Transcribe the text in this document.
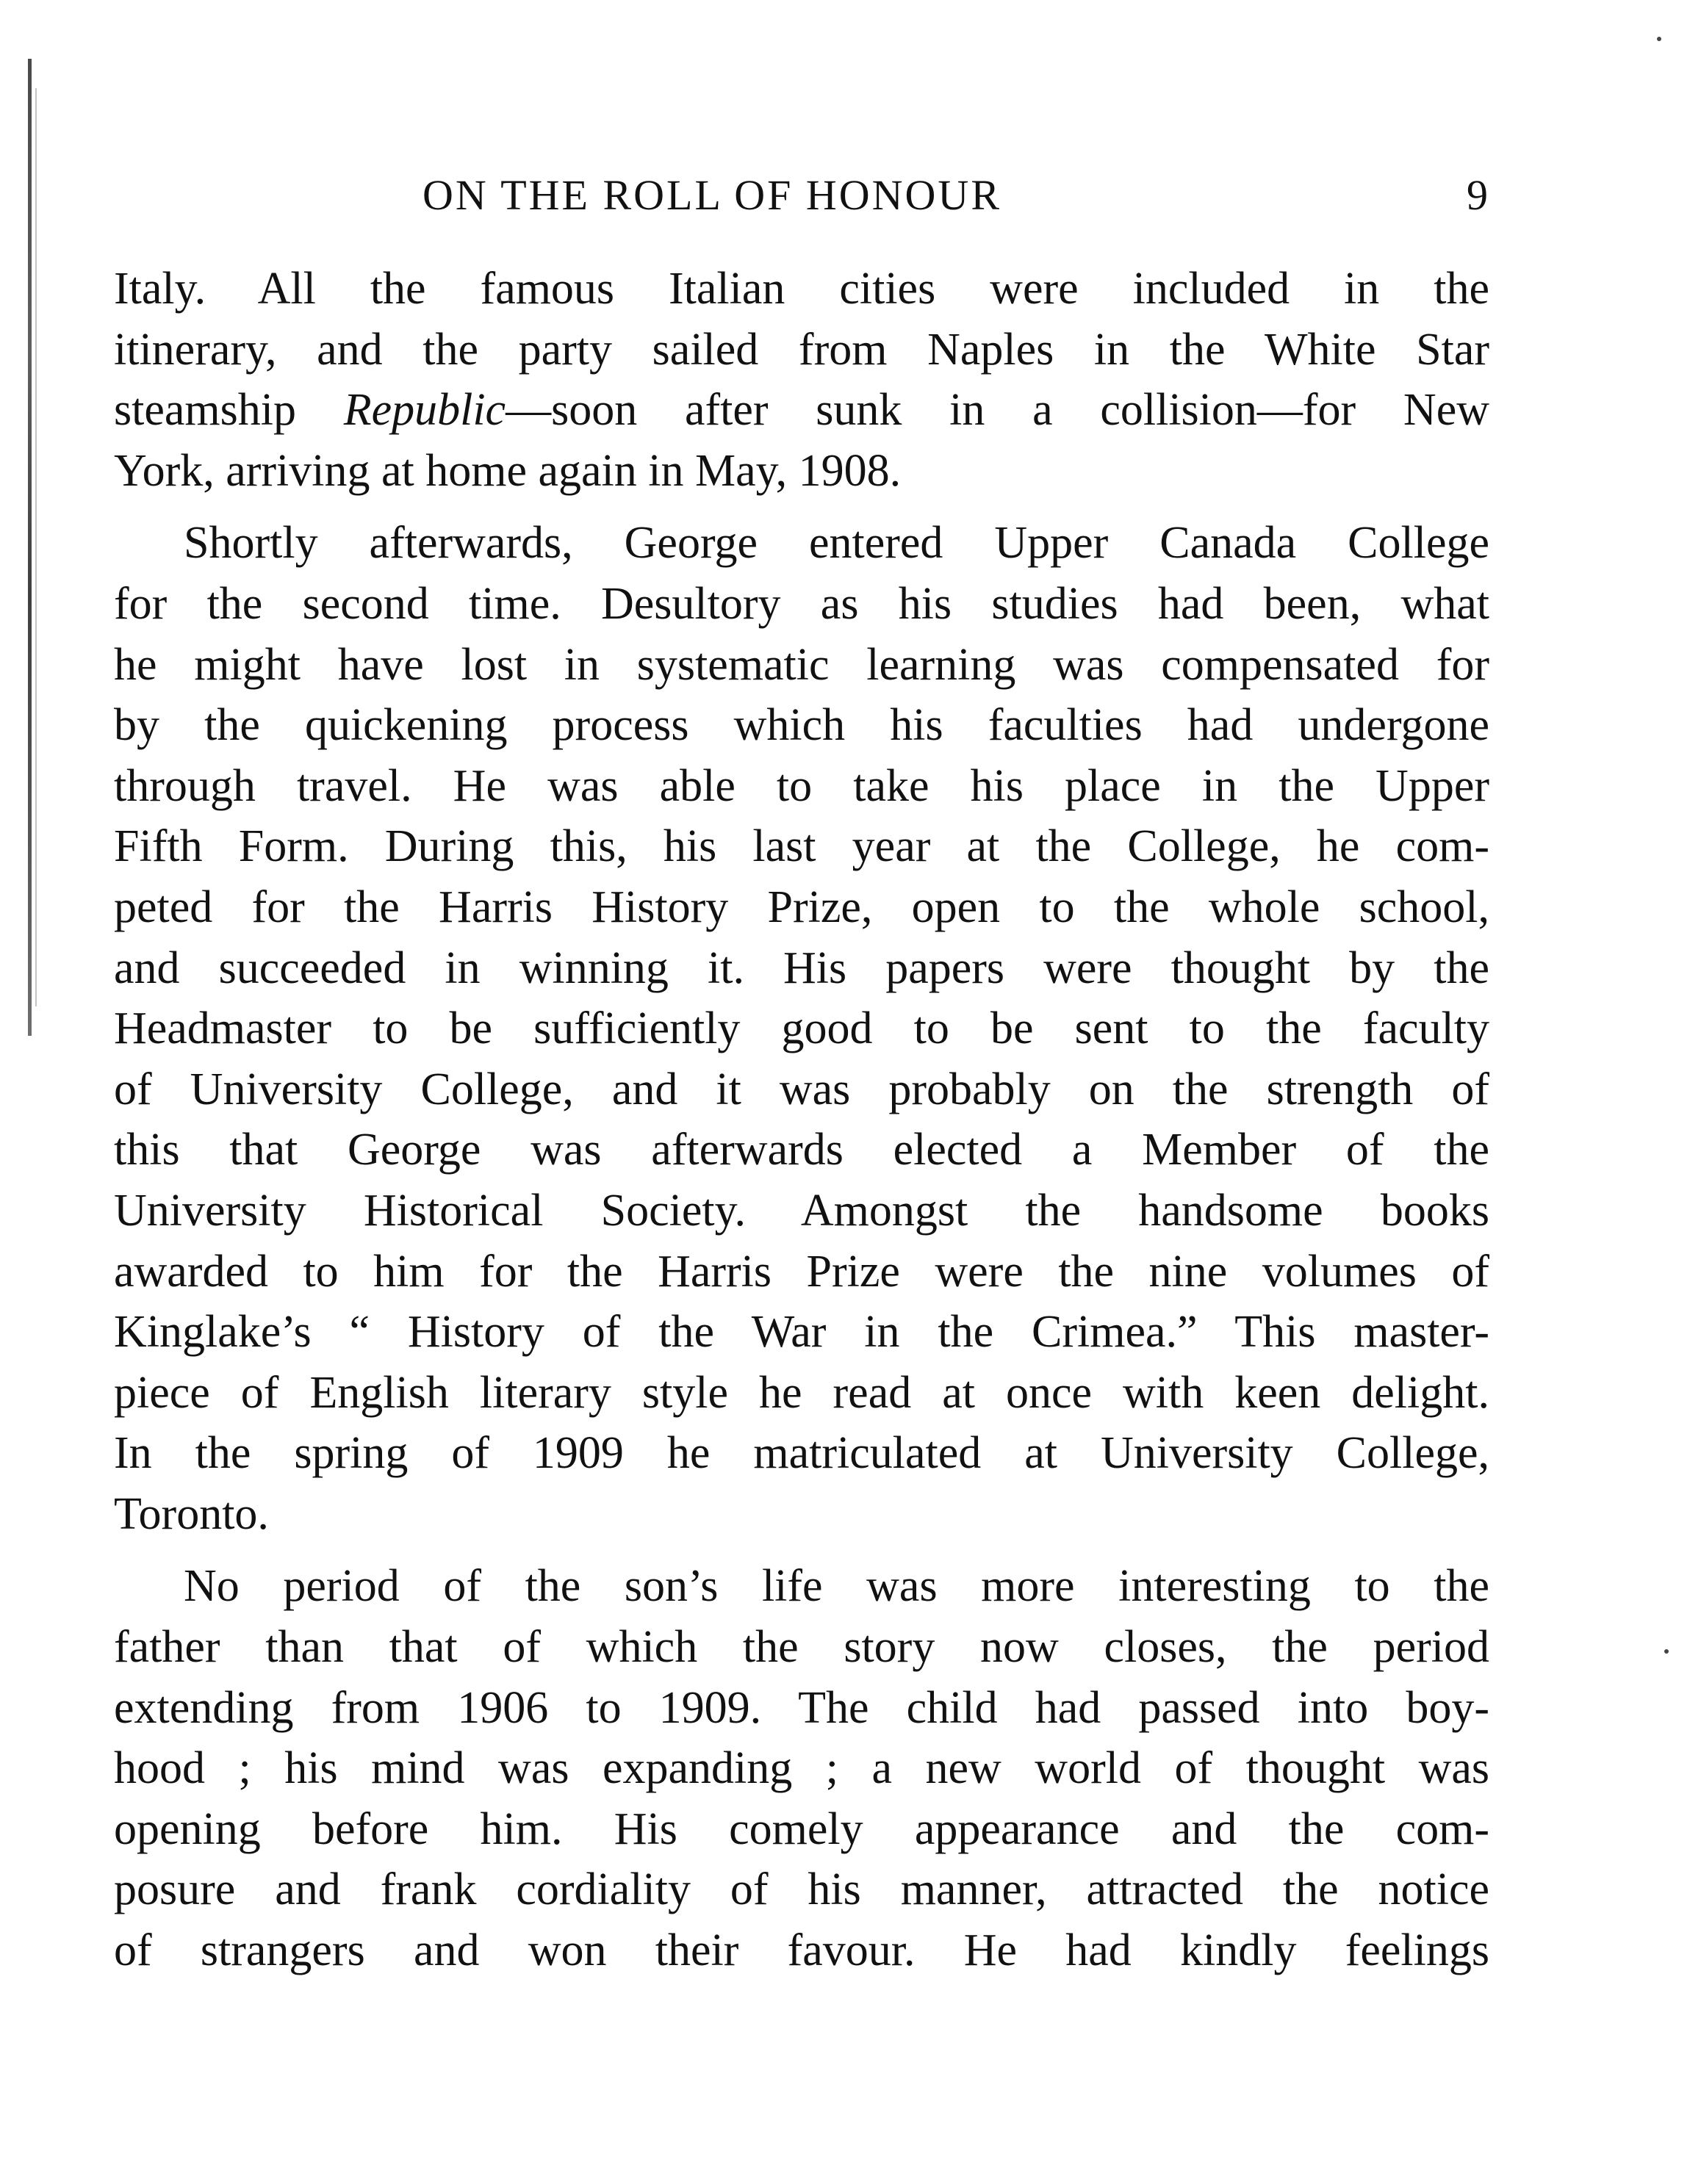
ON THE ROLL OF HONOUR	9
Italy. All the famous Italian cities were included in the
itinerary, and the party sailed from Naples in the White Star
steamship Republic—soon after sunk in a collision—for New
York, arriving at home again in May, 1908.
Shortly afterwards, George entered Upper Canada College
for the second time. Desultory as his studies had been, what
he might have lost in systematic learning was compensated for
by the quickening process which his faculties had undergone
through travel. He was able to take his place in the Upper
Fifth Form. During this, his last year at the College, he com-
peted for the Harris History Prize, open to the whole school,
and succeeded in winning it. His papers were thought by the
Headmaster to be sufficiently good to be sent to the faculty
of University College, and it was probably on the strength of
this that George was afterwards elected a Member of the
University Historical Society. Amongst the handsome books
awarded to him for the Harris Prize were the nine volumes of
Kinglake’s “ History of the War in the Crimea.” This master-
piece of English literary style he read at once with keen delight.
In the spring of 1909 he matriculated at University College,
Toronto.
No period of the son’s life was more interesting to the
father than that of which the story now closes, the period
extending from 1906 to 1909. The child had passed into boy-
hood ; his mind was expanding ; a new world of thought was
opening before him. His comely appearance and the com-
posure and frank cordiality of his manner, attracted the notice
of strangers and won their favour. He had kindly feelings
